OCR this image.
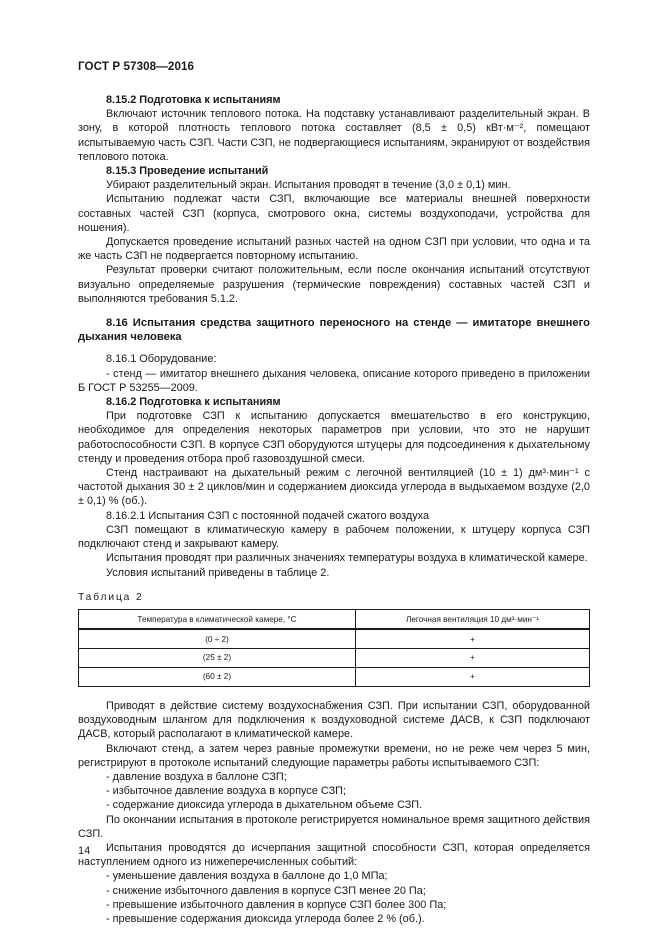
ГОСТ Р 57308—2016

8.15.2 Подготовка к испытаниям

Включают источник теплового потока. На подставку устанавливают разделительный экран. В зону, в которой плотность теплового потока составляет (8,5 ± 0,5) кВт·м⁻², помещают испытываемую часть СЗП. Части СЗП, не подвергающиеся испытаниям, экранируют от воздействия теплового потока.

8.15.3 Проведение испытаний

Убирают разделительный экран. Испытания проводят в течение (3,0 ± 0,1) мин.

Испытанию подлежат части СЗП, включающие все материалы внешней поверхности составных частей СЗП (корпуса, смотрового окна, системы воздухоподачи, устройства для ношения).

Допускается проведение испытаний разных частей на одном СЗП при условии, что одна и та же часть СЗП не подвергается повторному испытанию.

Результат проверки считают положительным, если после окончания испытаний отсутствуют визуально определяемые разрушения (термические повреждения) составных частей СЗП и выполняются требования 5.1.2.

8.16 Испытания средства защитного переносного на стенде — имитаторе внешнего дыхания человека

8.16.1 Оборудование:

- стенд — имитатор внешнего дыхания человека, описание которого приведено в приложении Б ГОСТ Р 53255—2009.

8.16.2 Подготовка к испытаниям

При подготовке СЗП к испытанию допускается вмешательство в его конструкцию, необходимое для определения некоторых параметров при условии, что это не нарушит работоспособности СЗП. В корпусе СЗП оборудуются штуцеры для подсоединения к дыхательному стенду и проведения отбора проб газовоздушной смеси.

Стенд настраивают на дыхательный режим с легочной вентиляцией (10 ± 1) дм³·мин⁻¹ с частотой дыхания 30 ± 2 циклов/мин и содержанием диоксида углерода в выдыхаемом воздухе (2,0 ± 0,1) % (об.).

8.16.2.1 Испытания СЗП с постоянной подачей сжатого воздуха

СЗП помещают в климатическую камеру в рабочем положении, к штуцеру корпуса СЗП подключают стенд и закрывают камеру.

Испытания проводят при различных значениях температуры воздуха в климатической камере.

Условия испытаний приведены в таблице 2.

Таблица 2

Температура в климатической камере, °С	Легочная вентиляция 10 дм³·мин⁻¹
(0 ÷ 2)	+
(25 ± 2)	+
(60 ± 2)	+

Приводят в действие систему воздухоснабжения СЗП. При испытании СЗП, оборудованной воздуховодным шлангом для подключения к воздуховодной системе ДАСВ, к СЗП подключают ДАСВ, который располагают в климатической камере.

Включают стенд, а затем через равные промежутки времени, но не реже чем через 5 мин, регистрируют в протоколе испытаний следующие параметры работы испытываемого СЗП:

- давление воздуха в баллоне СЗП;

- избыточное давление воздуха в корпусе СЗП;

- содержание диоксида углерода в дыхательном объеме СЗП.

По окончании испытания в протоколе регистрируется номинальное время защитного действия СЗП.

Испытания проводятся до исчерпания защитной способности СЗП, которая определяется наступлением одного из нижеперечисленных событий:

- уменьшение давления воздуха в баллоне до 1,0 МПа;

- снижение избыточного давления в корпусе СЗП менее 20 Па;

- превышение избыточного давления в корпусе СЗП более 300 Па;

- превышение содержания диоксида углерода более 2 % (об.).

14
